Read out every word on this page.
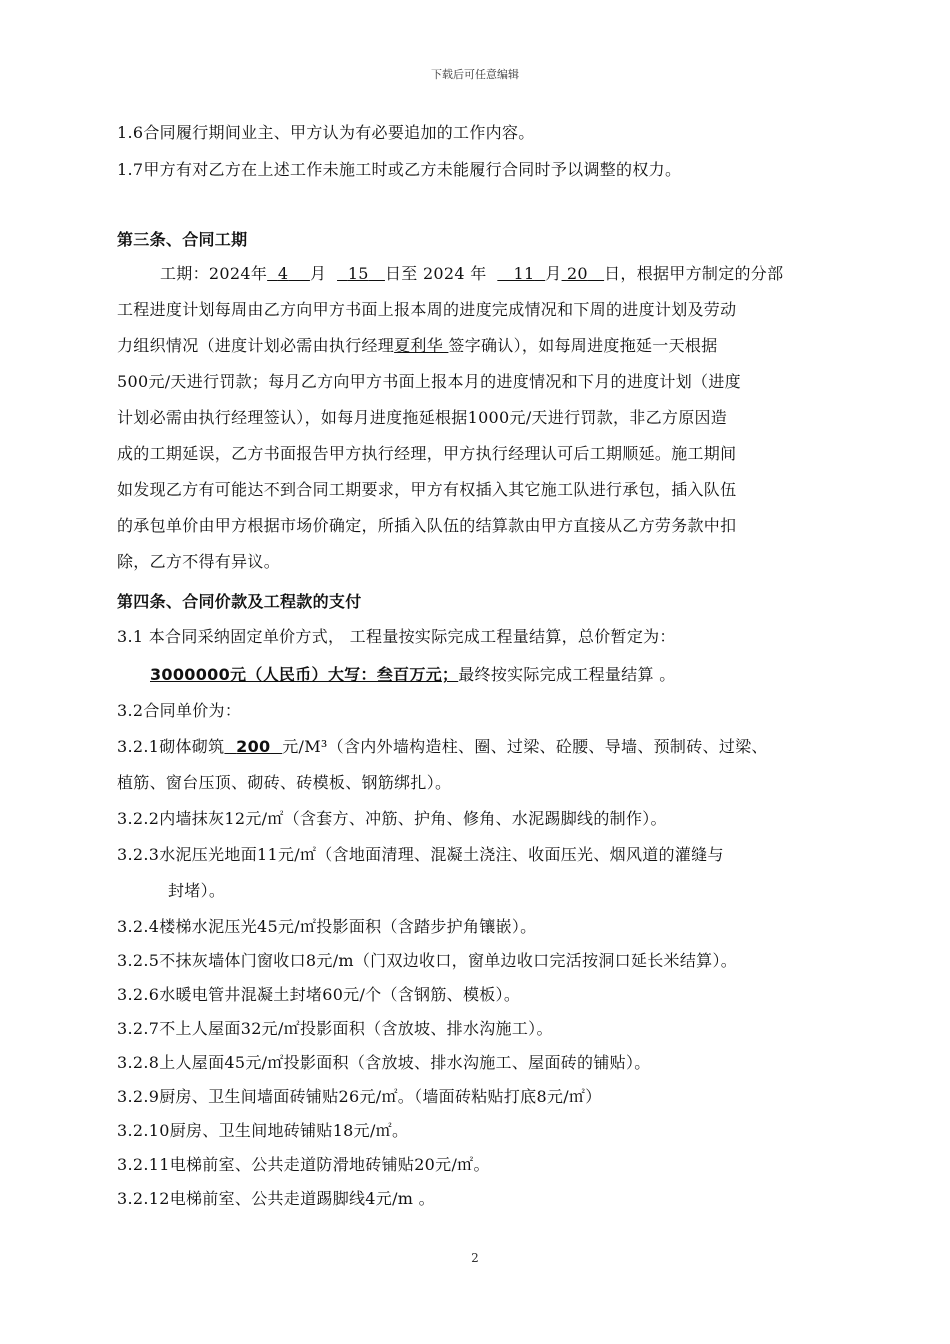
下载后可任意编辑
1.6合同履行期间业主、甲方认为有必要追加的工作内容。
1.7甲方有对乙方在上述工作未施工时或乙方未能履行合同时予以调整的权力。
第三条、合同工期
工期：2024年 4 月 15 日至 2024 年 11 月 20 日，根据甲方制定的分部
工程进度计划每周由乙方向甲方书面上报本周的进度完成情况和下周的进度计划及劳动
力组织情况（进度计划必需由执行经理夏利华 签字确认），如每周进度拖延一天根据
500元/天进行罚款；每月乙方向甲方书面上报本月的进度情况和下月的进度计划（进度
计划必需由执行经理签认），如每月进度拖延根据1000元/天进行罚款，非乙方原因造
成的工期延误，乙方书面报告甲方执行经理，甲方执行经理认可后工期顺延。施工期间
如发现乙方有可能达不到合同工期要求，甲方有权插入其它施工队进行承包，插入队伍
的承包单价由甲方根据市场价确定，所插入队伍的结算款由甲方直接从乙方劳务款中扣
除，乙方不得有异议。
第四条、合同价款及工程款的支付
3.1 本合同采纳固定单价方式， 工程量按实际完成工程量结算，总价暂定为：
3000000元（人民币）大写：叁百万元；最终按实际完成工程量结算 。
3.2合同单价为：
3.2.1砌体砌筑 200 元/M³（含内外墙构造柱、圈、过梁、砼腰、导墙、预制砖、过梁、
植筋、窗台压顶、砌砖、砖模板、钢筋绑扎）。
3.2.2内墙抹灰12元/㎡（含套方、冲筋、护角、修角、水泥踢脚线的制作）。
3.2.3水泥压光地面11元/㎡（含地面清理、混凝土浇注、收面压光、烟风道的灌缝与
封堵）。
3.2.4楼梯水泥压光45元/㎡投影面积（含踏步护角镶嵌）。
3.2.5不抹灰墙体门窗收口8元/m（门双边收口，窗单边收口完活按洞口延长米结算）。
3.2.6水暖电管井混凝土封堵60元/个（含钢筋、模板）。
3.2.7不上人屋面32元/㎡投影面积（含放坡、排水沟施工）。
3.2.8上人屋面45元/㎡投影面积（含放坡、排水沟施工、屋面砖的铺贴）。
3.2.9厨房、卫生间墙面砖铺贴26元/㎡。（墙面砖粘贴打底8元/㎡）
3.2.10厨房、卫生间地砖铺贴18元/㎡。
3.2.11电梯前室、公共走道防滑地砖铺贴20元/㎡。
3.2.12电梯前室、公共走道踢脚线4元/m 。
2
